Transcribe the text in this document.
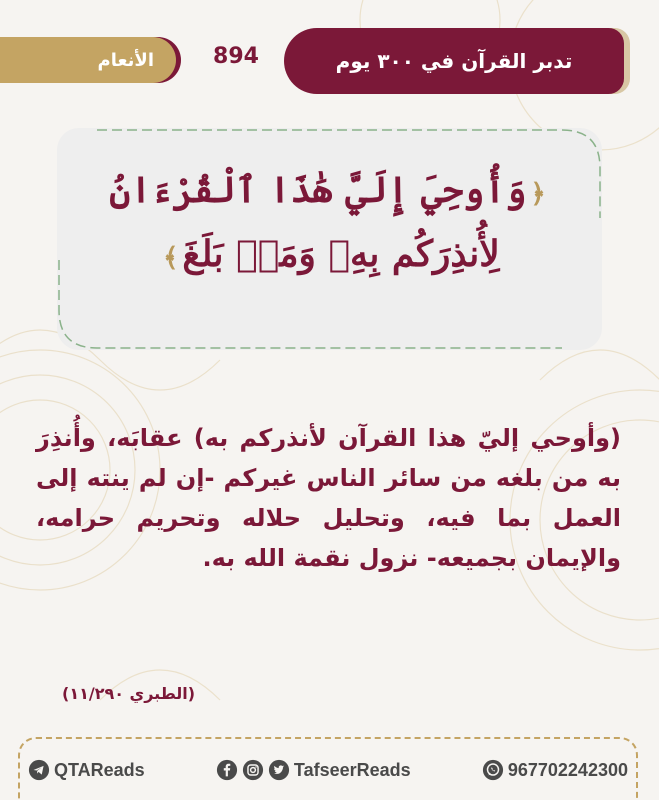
تدبر القرآن في ٣٠٠ يوم
894
الأنعام
﴿وَأُوحِيَ إِلَيَّ هَٰذَا ٱلْقُرْءَانُ
لِأُنذِرَكُم بِهِۦ وَمَنۢ بَلَغَ﴾
(وأوحي إليّ هذا القرآن لأنذركم به) عقابَه، وأُنذِرَ به من بلغه من سائر الناس غيركم -إن لم ينته إلى العمل بما فيه، وتحليل حلاله وتحريم حرامه، والإيمان بجميعه- نزول نقمة الله به.
(الطبري ١١/٢٩٠)
QTAReads	TafseerReads	967702242300
